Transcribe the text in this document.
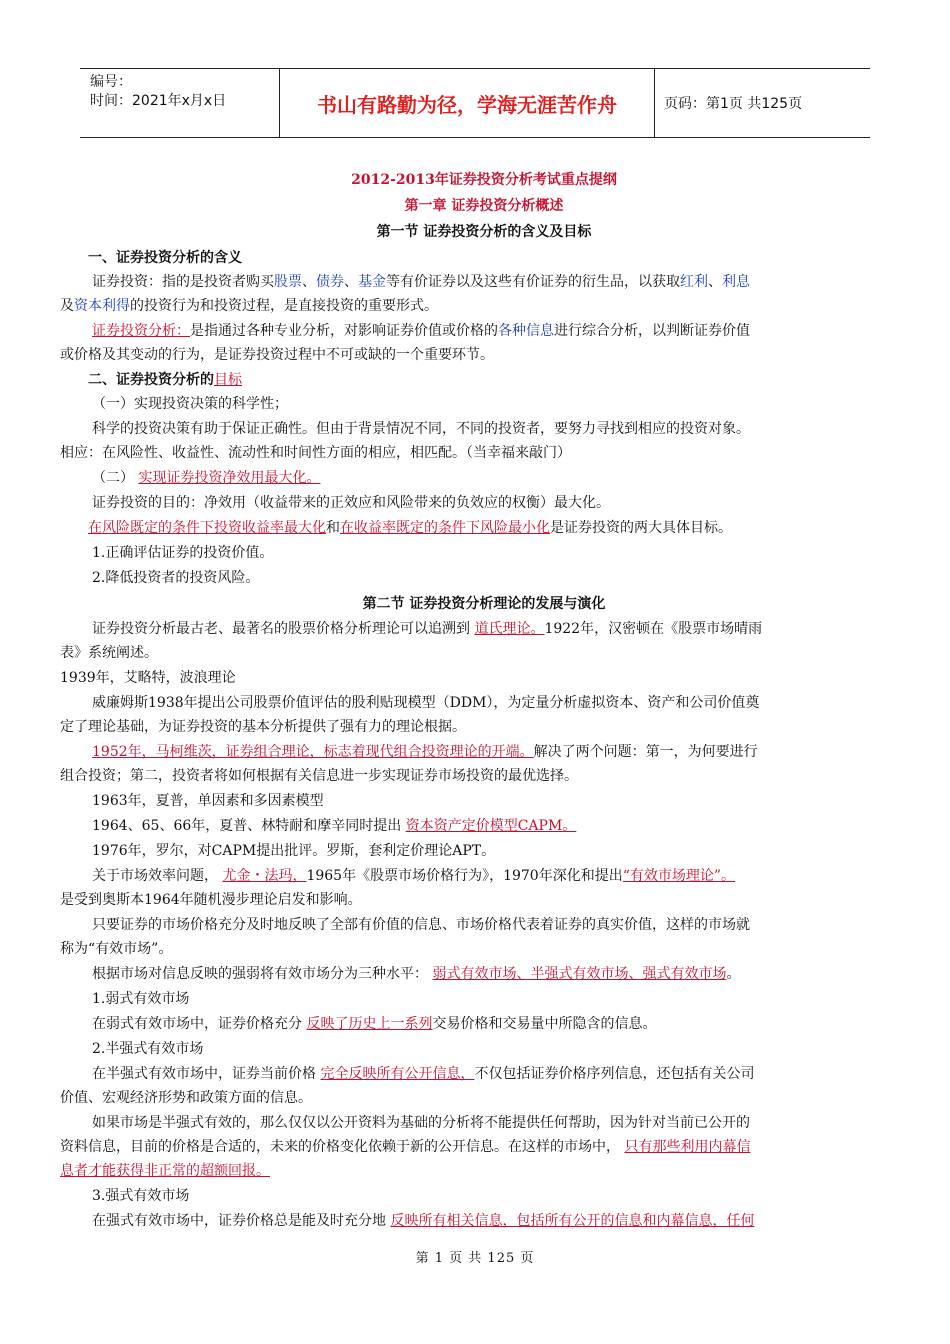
编号：
时间：2021年x月x日	书山有路勤为径，学海无涯苦作舟	页码：第1页 共125页
2012-2013年证券投资分析考试重点提纲
第一章 证券投资分析概述
第一节 证券投资分析的含义及目标
一、证券投资分析的含义
证券投资：指的是投资者购买股票、债券、基金等有价证券以及这些有价证券的衍生品，以获取红利、利息
及资本利得的投资行为和投资过程，是直接投资的重要形式。
证券投资分析：是指通过各种专业分析，对影响证券价值或价格的各种信息进行综合分析，以判断证券价值
或价格及其变动的行为，是证券投资过程中不可或缺的一个重要环节。
二、证券投资分析的目标
（一）实现投资决策的科学性；
科学的投资决策有助于保证正确性。但由于背景情况不同，不同的投资者，要努力寻找到相应的投资对象。
相应：在风险性、收益性、流动性和时间性方面的相应，相匹配。（当幸福来敲门）
（二） 实现证券投资净效用最大化。
证券投资的目的：净效用（收益带来的正效应和风险带来的负效应的权衡）最大化。
在风险既定的条件下投资收益率最大化和在收益率既定的条件下风险最小化是证券投资的两大具体目标。
1.正确评估证券的投资价值。
2.降低投资者的投资风险。
第二节 证券投资分析理论的发展与演化
证券投资分析最古老、最著名的股票价格分析理论可以追溯到 道氏理论。1922年，汉密顿在《股票市场晴雨
表》系统阐述。
1939年，艾略特，波浪理论
威廉姆斯1938年提出公司股票价值评估的股利贴现模型（DDM），为定量分析虚拟资本、资产和公司价值奠
定了理论基础，为证券投资的基本分析提供了强有力的理论根据。
1952年，马柯维茨，证券组合理论，标志着现代组合投资理论的开端。解决了两个问题：第一，为何要进行
组合投资；第二，投资者将如何根据有关信息进一步实现证券市场投资的最优选择。
1963年，夏普，单因素和多因素模型
1964、65、66年，夏普、林特耐和摩辛同时提出 资本资产定价模型CAPM。
1976年，罗尔，对CAPM提出批评。罗斯，套利定价理论APT。
关于市场效率问题， 尤金・法玛，1965年《股票市场价格行为》，1970年深化和提出“有效市场理论”。
是受到奥斯本1964年随机漫步理论启发和影响。
只要证券的市场价格充分及时地反映了全部有价值的信息、市场价格代表着证券的真实价值，这样的市场就
称为“有效市场”。
根据市场对信息反映的强弱将有效市场分为三种水平： 弱式有效市场、半强式有效市场、强式有效市场。
1.弱式有效市场
在弱式有效市场中，证券价格充分 反映了历史上一系列交易价格和交易量中所隐含的信息。
2.半强式有效市场
在半强式有效市场中，证券当前价格 完全反映所有公开信息，不仅包括证券价格序列信息，还包括有关公司
价值、宏观经济形势和政策方面的信息。
如果市场是半强式有效的，那么仅仅以公开资料为基础的分析将不能提供任何帮助，因为针对当前已公开的
资料信息，目前的价格是合适的，未来的价格变化依赖于新的公开信息。在这样的市场中， 只有那些利用内幕信
息者才能获得非正常的超额回报。
3.强式有效市场
在强式有效市场中，证券价格总是能及时充分地 反映所有相关信息，包括所有公开的信息和内幕信息，任何
第 1 页 共 125 页
